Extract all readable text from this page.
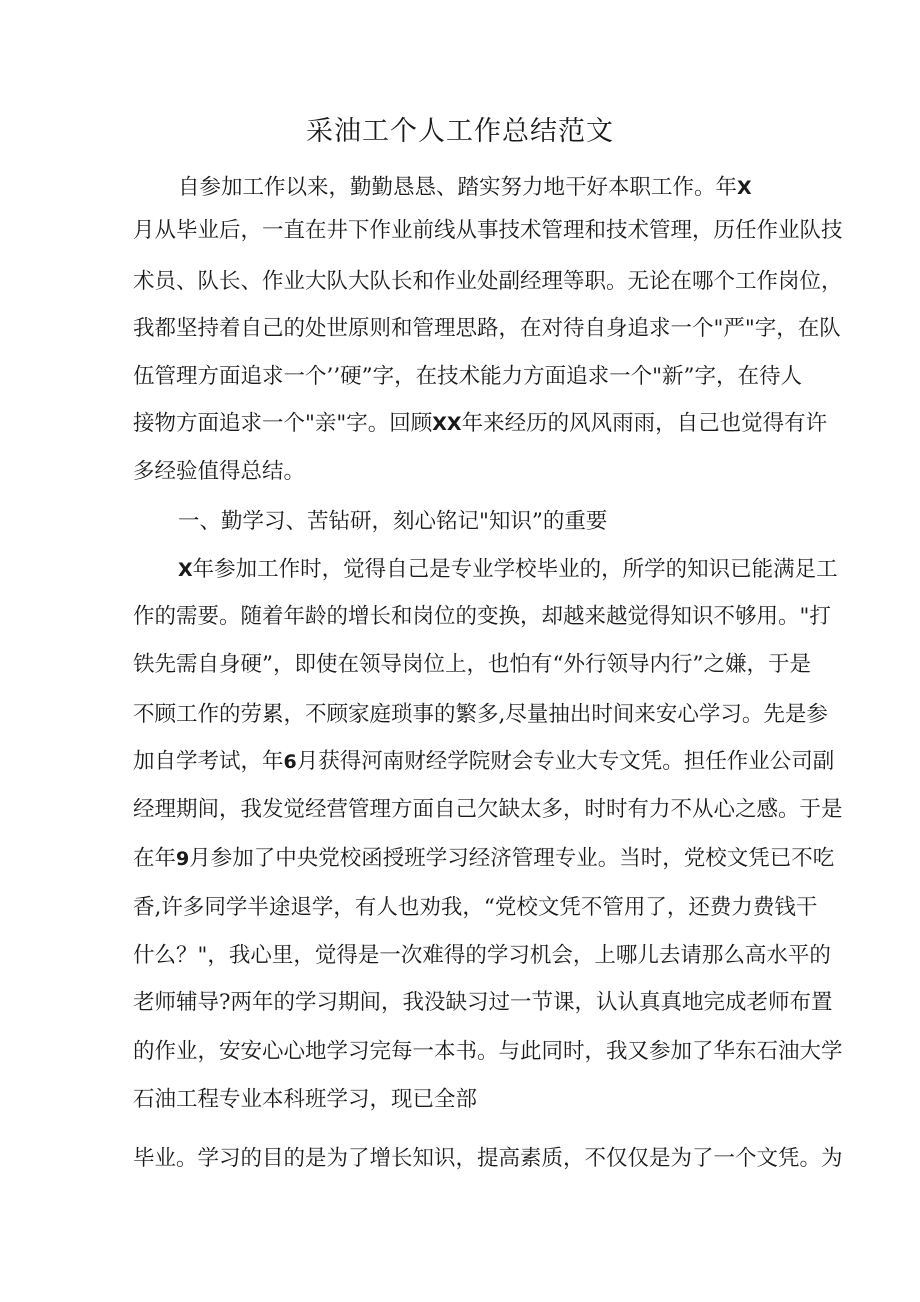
采油工个人工作总结范文
自参加工作以来，勤勤恳恳、踏实努力地干好本职工作。年X
月从毕业后，一直在井下作业前线从事技术管理和技术管理，历任作业队技
术员、队长、作业大队大队长和作业处副经理等职。无论在哪个工作岗位，
我都坚持着自己的处世原则和管理思路，在对待自身追求一个"严"字，在队
伍管理方面追求一个’’硬”字，在技术能力方面追求一个"新”字，在待人
接物方面追求一个"亲"字。回顾XX年来经历的风风雨雨，自己也觉得有许
多经验值得总结。
一、勤学习、苦钻研，刻心铭记"知识”的重要
X年参加工作时，觉得自己是专业学校毕业的，所学的知识已能满足工
作的需要。随着年龄的增长和岗位的变换，却越来越觉得知识不够用。"打
铁先需自身硬”，即使在领导岗位上，也怕有“外行领导内行”之嫌，于是
不顾工作的劳累，不顾家庭琐事的繁多,尽量抽出时间来安心学习。先是参
加自学考试，年6月获得河南财经学院财会专业大专文凭。担任作业公司副
经理期间，我发觉经营管理方面自己欠缺太多，时时有力不从心之感。于是
在年9月参加了中央党校函授班学习经济管理专业。当时，党校文凭已不吃
香,许多同学半途退学，有人也劝我，“党校文凭不管用了，还费力费钱干
什么？"，我心里，觉得是一次难得的学习机会，上哪儿去请那么高水平的
老师辅导?两年的学习期间，我没缺习过一节课，认认真真地完成老师布置
的作业，安安心心地学习完每一本书。与此同时，我又参加了华东石油大学
石油工程专业本科班学习，现已全部
毕业。学习的目的是为了增长知识，提高素质，不仅仅是为了一个文凭。为
